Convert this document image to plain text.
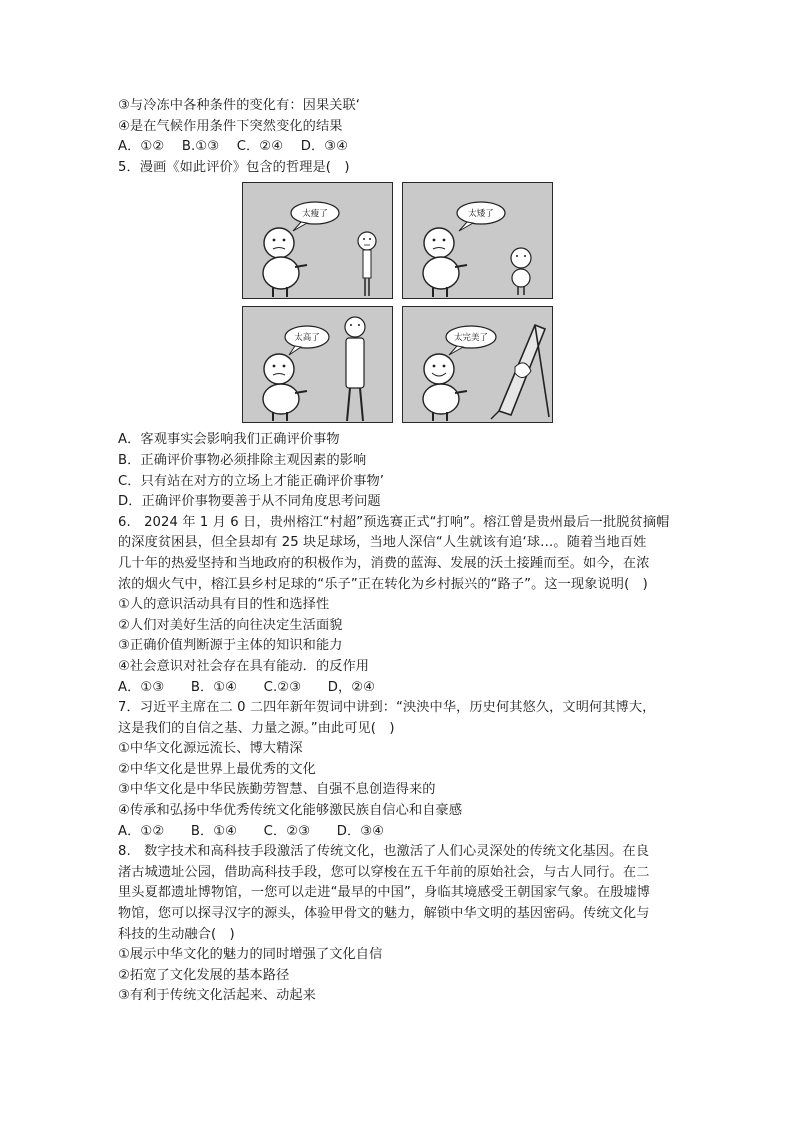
③与冷冻中各种条件的变化有：因果关联‘
④是在气候作用条件下突然变化的结果
A．①②　 B.①③　 C．②④　 D．③④
5．漫画《如此评价》包含的哲理是(　)
太瘦了	太矮了
太高了	太完美了
A．客观事实会影响我们正确评价事物
B．正确评价事物必须排除主观因素的影响
C．只有站在对方的立场上才能正确评价事物’
D．正确评价事物要善于从不同角度思考问题
6.　2024 年 1 月 6 日，贵州榕江“村超”预选赛正式“打响”。榕江曾是贵州最后一批脱贫摘帽
的深度贫困县，但全县却有 25 块足球场，当地人深信“人生就该有追‘球…。随着当地百姓
几十年的热爱坚持和当地政府的积极作为，消费的蓝海、发展的沃土接踵而至。如今，在浓
浓的烟火气中，榕江县乡村足球的“乐子”正在转化为乡村振兴的“路子”。这一现象说明(　)
①人的意识活动具有目的性和选择性
②人们对美好生活的向往决定生活面貌
③正确价值判断源于主体的知识和能力
④社会意识对社会存在具有能动．的反作用
A．①③　　B．①④　　C.②③　　D，②④
7．习近平主席在二 0 二四年新年贺词中讲到：“泱泱中华，历史何其悠久，文明何其博大，
这是我们的自信之基、力量之源。”由此可见(　)
①中华文化源远流长、博大精深
②中华文化是世界上最优秀的文化
③中华文化是中华民族勤劳智慧、自强不息创造得来的
④传承和弘扬中华优秀传统文化能够激民族自信心和自豪感
A．①②　　B．①④　　C．②③　　D．③④
8.　数字技术和高科技手段激活了传统文化，也激活了人们心灵深处的传统文化基因。在良
渚古城遗址公园，借助高科技手段，您可以穿梭在五千年前的原始社会，与古人同行。在二
里头夏都遗址博物馆，一您可以走进“最早的中国”，身临其境感受王朝国家气象。在殷墟博
物馆，您可以探寻汉字的源头，体验甲骨文的魅力，解锁中华文明的基因密码。传统文化与
科技的生动融合(　)
①展示中华文化的魅力的同时增强了文化自信
②拓宽了文化发展的基本路径
③有利于传统文化活起来、动起来
